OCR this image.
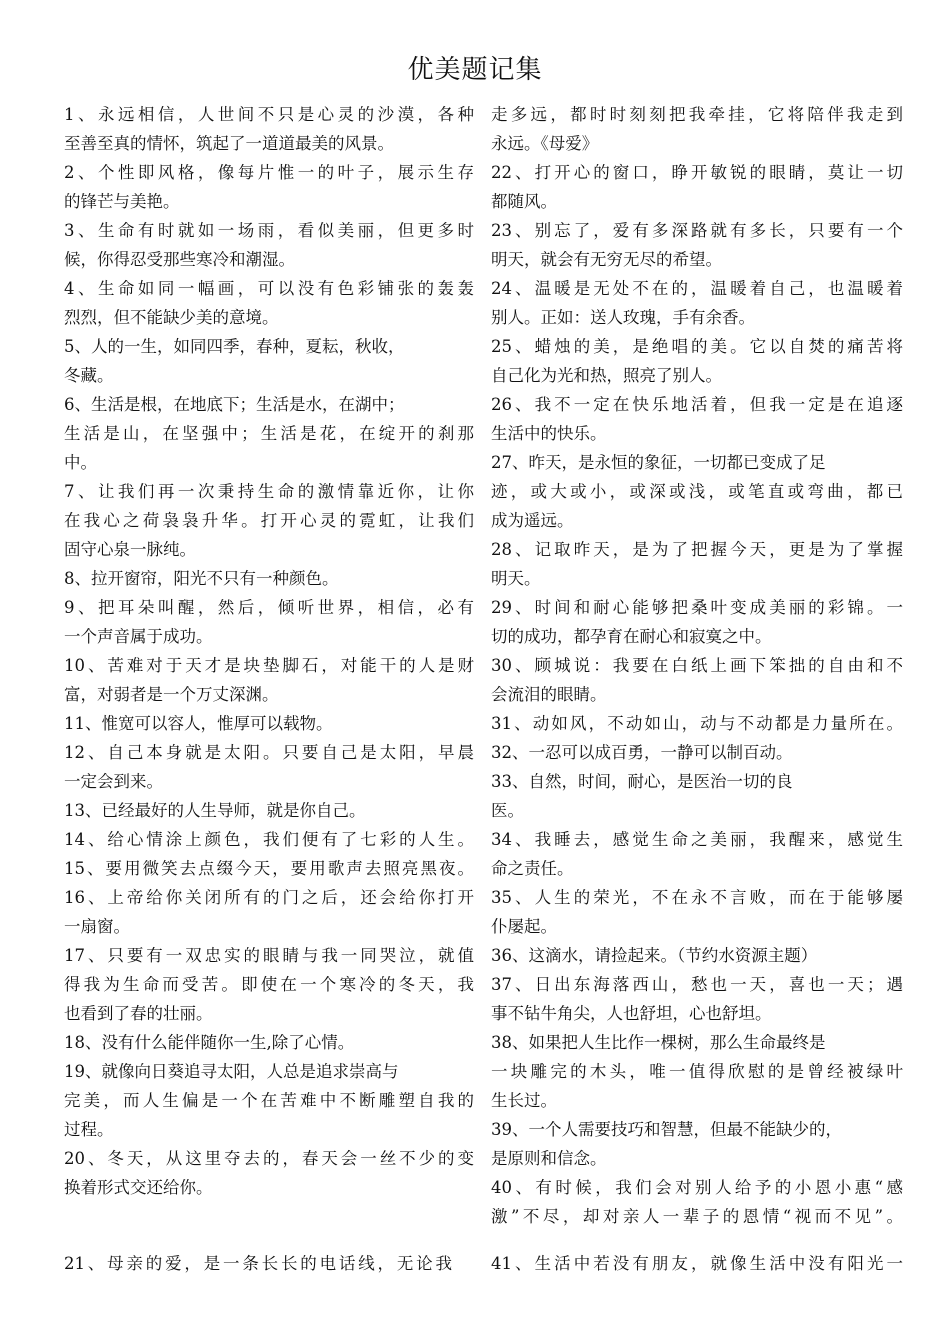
优美题记集
1、永远相信，人世间不只是心灵的沙漠，各种
至善至真的情怀，筑起了一道道最美的风景。
2、个性即风格，像每片惟一的叶子，展示生存
的锋芒与美艳。
3、生命有时就如一场雨，看似美丽，但更多时
候，你得忍受那些寒冷和潮湿。
4、生命如同一幅画，可以没有色彩铺张的轰轰
烈烈，但不能缺少美的意境。
5、人的一生，如同四季，春种，夏耘，秋收，
冬藏。
6、生活是根，在地底下；生活是水，在湖中；
生活是山，在坚强中；生活是花，在绽开的刹那
中。
7、让我们再一次秉持生命的激情靠近你，让你
在我心之荷袅袅升华。打开心灵的霓虹，让我们
固守心泉一脉纯。
8、拉开窗帘，阳光不只有一种颜色。
9、把耳朵叫醒，然后，倾听世界，相信，必有
一个声音属于成功。
10、苦难对于天才是块垫脚石，对能干的人是财
富，对弱者是一个万丈深渊。
11、惟宽可以容人，惟厚可以载物。
12、自己本身就是太阳。只要自己是太阳，早晨
一定会到来。
13、已经最好的人生导师，就是你自己。
14、给心情涂上颜色，我们便有了七彩的人生。
15、要用微笑去点缀今天，要用歌声去照亮黑夜。
16、上帝给你关闭所有的门之后，还会给你打开
一扇窗。
17、只要有一双忠实的眼睛与我一同哭泣，就值
得我为生命而受苦。即使在一个寒冷的冬天，我
也看到了春的壮丽。
18、没有什么能伴随你一生,除了心情。
19、就像向日葵追寻太阳，人总是追求崇高与
完美，而人生偏是一个在苦难中不断雕塑自我的
过程。
20、冬天，从这里夺去的，春天会一丝不少的变
换着形式交还给你。
走多远，都时时刻刻把我牵挂，它将陪伴我走到
永远。《母爱》
22、打开心的窗口，睁开敏锐的眼睛，莫让一切
都随风。
23、别忘了，爱有多深路就有多长，只要有一个
明天，就会有无穷无尽的希望。
24、温暖是无处不在的，温暖着自己，也温暖着
别人。正如：送人玫瑰，手有余香。
25、蜡烛的美，是绝唱的美。它以自焚的痛苦将
自己化为光和热，照亮了别人。
26、我不一定在快乐地活着，但我一定是在追逐
生活中的快乐。
27、昨天，是永恒的象征，一切都已变成了足
迹，或大或小，或深或浅，或笔直或弯曲，都已
成为遥远。
28、记取昨天，是为了把握今天，更是为了掌握
明天。
29、时间和耐心能够把桑叶变成美丽的彩锦。一
切的成功，都孕育在耐心和寂寞之中。
30、顾城说：我要在白纸上画下笨拙的自由和不
会流泪的眼睛。
31、动如风，不动如山，动与不动都是力量所在。
32、一忍可以成百勇，一静可以制百动。
33、自然，时间，耐心，是医治一切的良
医。
34、我睡去，感觉生命之美丽，我醒来，感觉生
命之责任。
35、人生的荣光，不在永不言败，而在于能够屡
仆屡起。
36、这滴水，请捡起来。（节约水资源主题）
37、日出东海落西山，愁也一天，喜也一天；遇
事不钻牛角尖，人也舒坦，心也舒坦。
38、如果把人生比作一棵树，那么生命最终是
一块雕完的木头，唯一值得欣慰的是曾经被绿叶
生长过。
39、一个人需要技巧和智慧，但最不能缺少的，
是原则和信念。
40、有时候，我们会对别人给予的小恩小惠“感
激”不尽，却对亲人一辈子的恩情“视而不见”。
21、母亲的爱，是一条长长的电话线，无论我 41、生活中若没有朋友，就像生活中没有阳光一
